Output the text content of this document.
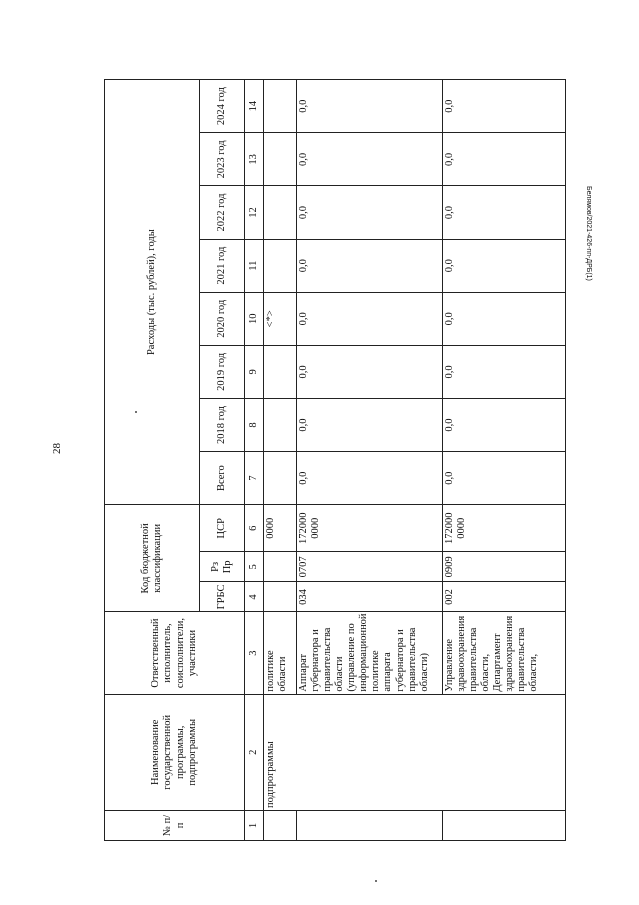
28
Белямов/2021-426-пп-ДРБ(1)
№ п/п	Наименование государственной программы, подпрограммы	Ответственный исполнитель, соисполнители, участники	Код бюджетной классификации			Расходы (тыс. рублей), годы							
			ГРБС	Рз Пр	ЦСР	Всего	2018 год	2019 год	2020 год	2021 год	2022 год	2023 год	2024 год
1	2	3	4	5	6	7	8	9	10	11	12	13	14
	подпрограммы	политике области			0000				<*>				
		Аппарат губернатора и правительства области (управление по информационной политике аппарата губернатора и правительства области)	034	0707	172000 0000	0,0	0,0	0,0	0,0	0,0	0,0	0,0	0,0
		Управление здравоохранения правительства области, Департамент здравоохранения правительства области,	002	0909	172000 0000	0,0	0,0	0,0	0,0	0,0	0,0	0,0	0,0
